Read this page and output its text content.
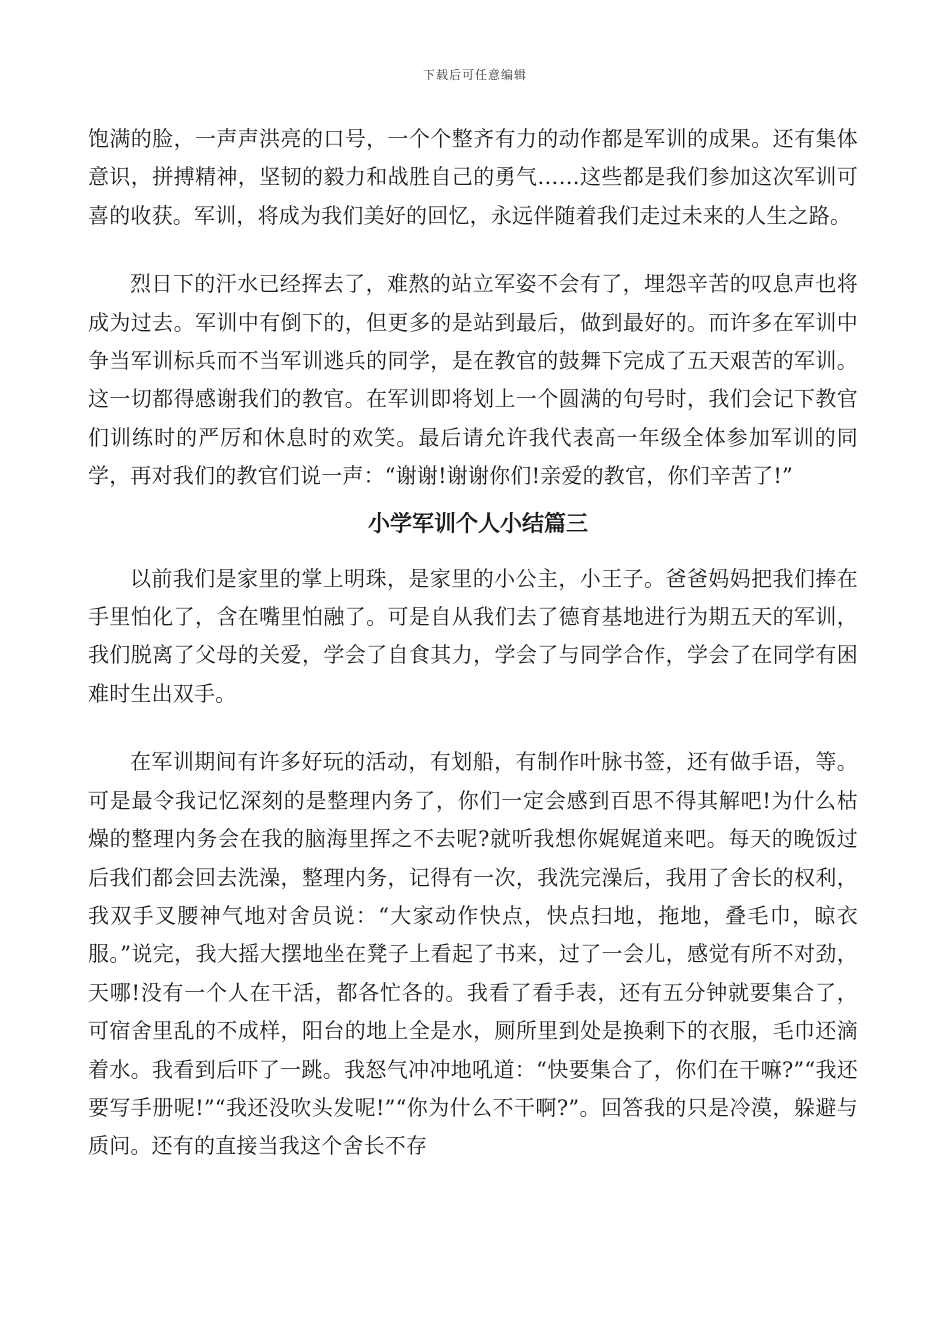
下载后可任意编辑

饱满的脸，一声声洪亮的口号，一个个整齐有力的动作都是军训的成果。还有集体意识，拼搏精神，坚韧的毅力和战胜自己的勇气……这些都是我们参加这次军训可喜的收获。军训，将成为我们美好的回忆，永远伴随着我们走过未来的人生之路。

烈日下的汗水已经挥去了，难熬的站立军姿不会有了，埋怨辛苦的叹息声也将成为过去。军训中有倒下的，但更多的是站到最后，做到最好的。而许多在军训中争当军训标兵而不当军训逃兵的同学，是在教官的鼓舞下完成了五天艰苦的军训。这一切都得感谢我们的教官。在军训即将划上一个圆满的句号时，我们会记下教官们训练时的严厉和休息时的欢笑。最后请允许我代表高一年级全体参加军训的同学，再对我们的教官们说一声：“谢谢!谢谢你们!亲爱的教官，你们辛苦了!”

小学军训个人小结篇三

以前我们是家里的掌上明珠，是家里的小公主，小王子。爸爸妈妈把我们捧在手里怕化了，含在嘴里怕融了。可是自从我们去了德育基地进行为期五天的军训，我们脱离了父母的关爱，学会了自食其力，学会了与同学合作，学会了在同学有困难时生出双手。

在军训期间有许多好玩的活动，有划船，有制作叶脉书签，还有做手语，等。可是最令我记忆深刻的是整理内务了，你们一定会感到百思不得其解吧!为什么枯燥的整理内务会在我的脑海里挥之不去呢?就听我想你娓娓道来吧。每天的晚饭过后我们都会回去洗澡，整理内务，记得有一次，我洗完澡后，我用了舍长的权利，我双手叉腰神气地对舍员说：“大家动作快点，快点扫地，拖地，叠毛巾，晾衣服。”说完，我大摇大摆地坐在凳子上看起了书来，过了一会儿，感觉有所不对劲，天哪!没有一个人在干活，都各忙各的。我看了看手表，还有五分钟就要集合了，可宿舍里乱的不成样，阳台的地上全是水，厕所里到处是换剩下的衣服，毛巾还滴着水。我看到后吓了一跳。我怒气冲冲地吼道：“快要集合了，你们在干嘛?”“我还要写手册呢!”“我还没吹头发呢!”“你为什么不干啊?”。回答我的只是冷漠，躲避与质问。还有的直接当我这个舍长不存
